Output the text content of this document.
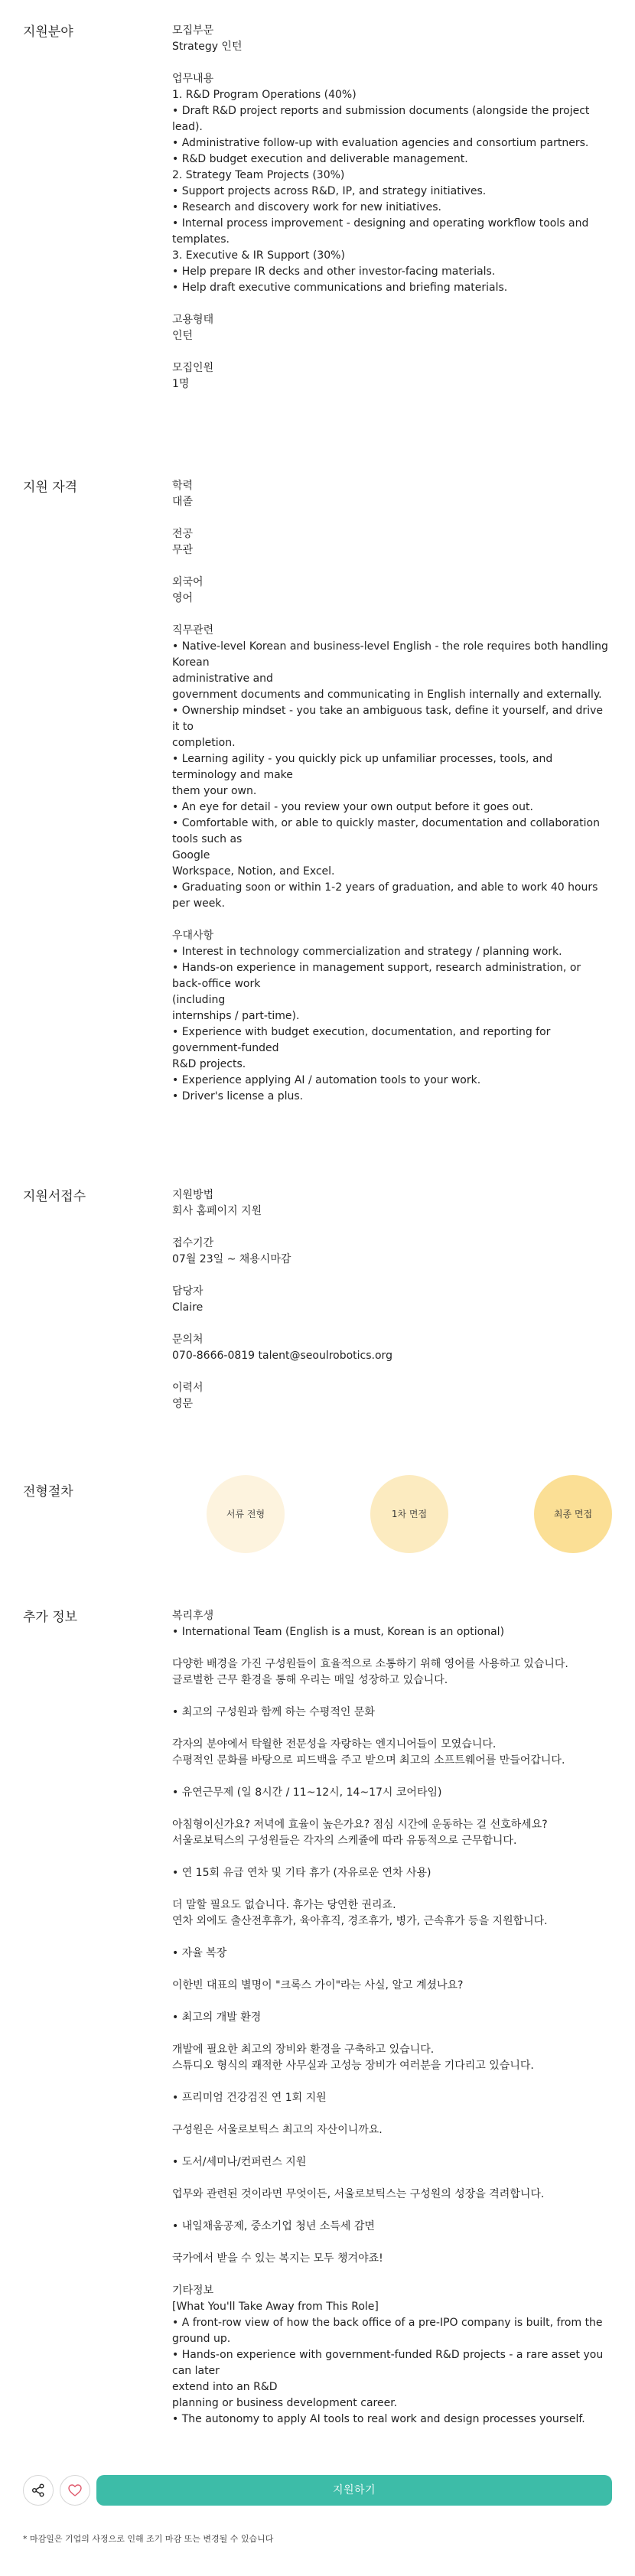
지원분야	모집부문
Strategy 인턴
업무내용
1. R&D Program Operations (40%)
• Draft R&D project reports and submission documents (alongside the project lead).
• Administrative follow-up with evaluation agencies and consortium partners.
• R&D budget execution and deliverable management.
2. Strategy Team Projects (30%)
• Support projects across R&D, IP, and strategy initiatives.
• Research and discovery work for new initiatives.
• Internal process improvement - designing and operating workflow tools and templates.
3. Executive & IR Support (30%)
• Help prepare IR decks and other investor-facing materials.
• Help draft executive communications and briefing materials.
고용형태
인턴
모집인원
1명
지원 자격	학력
대졸
전공
무관
외국어
영어
직무관련
• Native-level Korean and business-level English - the role requires both handling Korean
administrative and
government documents and communicating in English internally and externally.
• Ownership mindset - you take an ambiguous task, define it yourself, and drive it to
completion.
• Learning agility - you quickly pick up unfamiliar processes, tools, and terminology and make
them your own.
• An eye for detail - you review your own output before it goes out.
• Comfortable with, or able to quickly master, documentation and collaboration tools such as
Google
Workspace, Notion, and Excel.
• Graduating soon or within 1-2 years of graduation, and able to work 40 hours per week.
우대사항
• Interest in technology commercialization and strategy / planning work.
• Hands-on experience in management support, research administration, or back-office work
(including
internships / part-time).
• Experience with budget execution, documentation, and reporting for government-funded
R&D projects.
• Experience applying AI / automation tools to your work.
• Driver's license a plus.
지원서접수	지원방법
회사 홈페이지 지원
접수기간
07월 23일 ~ 채용시마감
담당자
Claire
문의처
070-8666-0819 talent@seoulrobotics.org
이력서
영문
전형절차
서류 전형	1차 면접	최종 면접
추가 정보	복리후생
• International Team (English is a must, Korean is an optional)
다양한 배경을 가진 구성원들이 효율적으로 소통하기 위해 영어를 사용하고 있습니다.
글로벌한 근무 환경을 통해 우리는 매일 성장하고 있습니다.
• 최고의 구성원과 함께 하는 수평적인 문화
각자의 분야에서 탁월한 전문성을 자랑하는 엔지니어들이 모였습니다.
수평적인 문화를 바탕으로 피드백을 주고 받으며 최고의 소프트웨어를 만들어갑니다.
• 유연근무제 (일 8시간 / 11~12시, 14~17시 코어타임)
아침형이신가요? 저녁에 효율이 높은가요? 점심 시간에 운동하는 걸 선호하세요?
서울로보틱스의 구성원들은 각자의 스케쥴에 따라 유동적으로 근무합니다.
• 연 15회 유급 연차 및 기타 휴가 (자유로운 연차 사용)
더 말할 필요도 없습니다. 휴가는 당연한 권리죠.
연차 외에도 출산전후휴가, 육아휴직, 경조휴가, 병가, 근속휴가 등을 지원합니다.
• 자율 복장
이한빈 대표의 별명이 "크록스 가이"라는 사실, 알고 계셨나요?
• 최고의 개발 환경
개발에 필요한 최고의 장비와 환경을 구축하고 있습니다.
스튜디오 형식의 쾌적한 사무실과 고성능 장비가 여러분을 기다리고 있습니다.
• 프리미엄 건강검진 연 1회 지원
구성원은 서울로보틱스 최고의 자산이니까요.
• 도서/세미나/컨퍼런스 지원
업무와 관련된 것이라면 무엇이든, 서울로보틱스는 구성원의 성장을 격려합니다.
• 내일채움공제, 중소기업 청년 소득세 감면
국가에서 받을 수 있는 복지는 모두 챙겨야죠!
기타정보
[What You'll Take Away from This Role]
• A front-row view of how the back office of a pre-IPO company is built, from the ground up.
• Hands-on experience with government-funded R&D projects - a rare asset you can later
extend into an R&D
planning or business development career.
• The autonomy to apply AI tools to real work and design processes yourself.
지원하기
* 마감일은 기업의 사정으로 인해 조기 마감 또는 변경될 수 있습니다
